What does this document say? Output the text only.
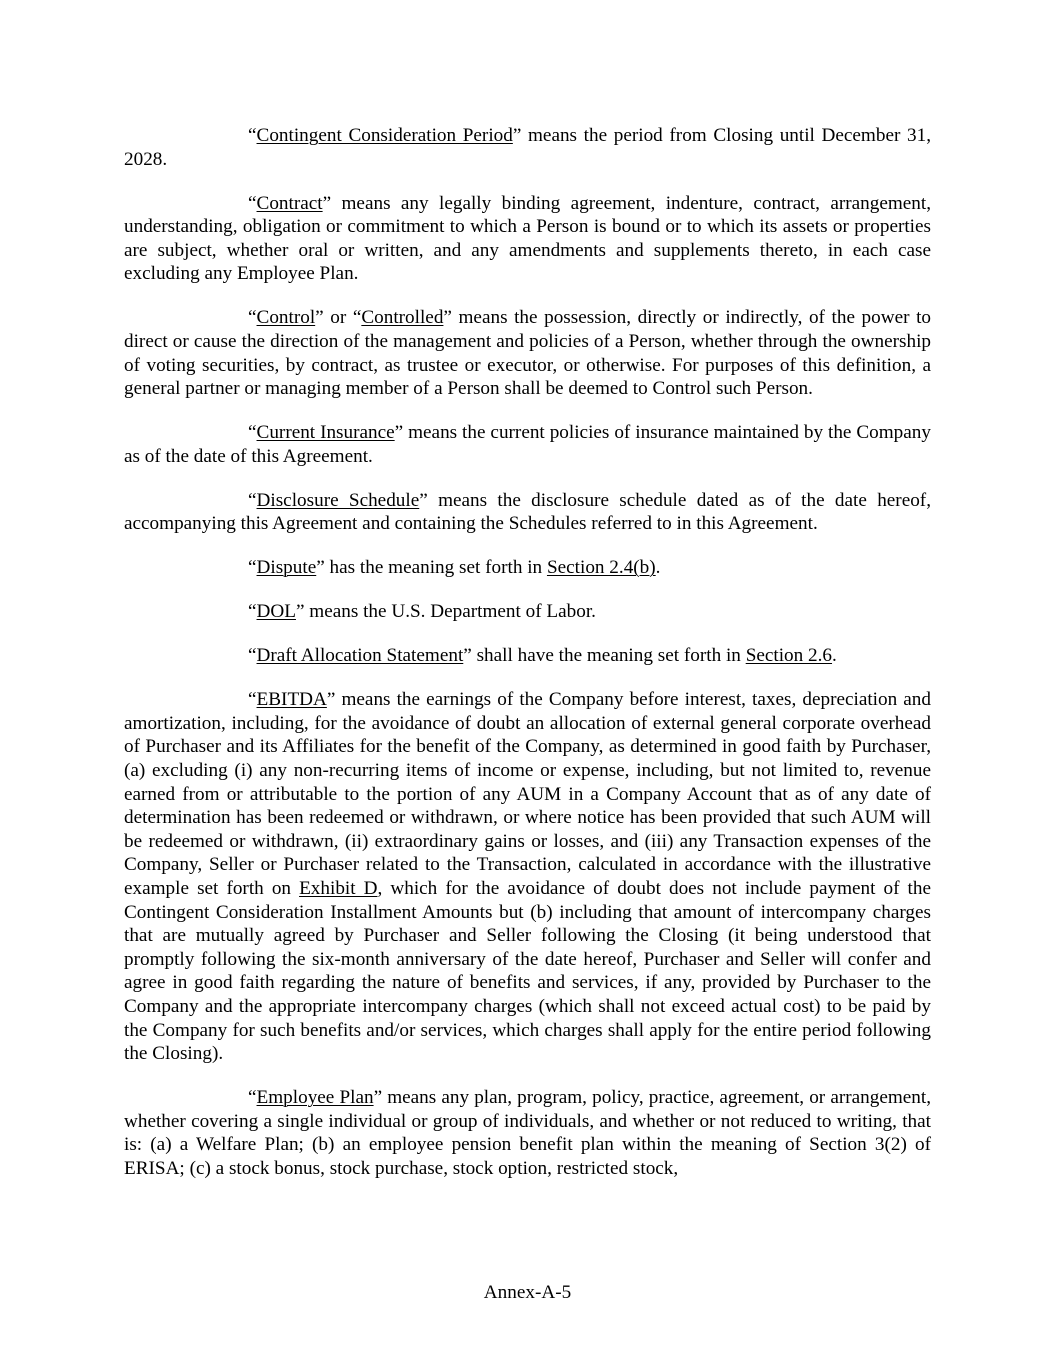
“Contingent Consideration Period” means the period from Closing until December 31, 2028.

“Contract” means any legally binding agreement, indenture, contract, arrangement, understanding, obligation or commitment to which a Person is bound or to which its assets or properties are subject, whether oral or written, and any amendments and supplements thereto, in each case excluding any Employee Plan.

“Control” or “Controlled” means the possession, directly or indirectly, of the power to direct or cause the direction of the management and policies of a Person, whether through the ownership of voting securities, by contract, as trustee or executor, or otherwise. For purposes of this definition, a general partner or managing member of a Person shall be deemed to Control such Person.

“Current Insurance” means the current policies of insurance maintained by the Company as of the date of this Agreement.

“Disclosure Schedule” means the disclosure schedule dated as of the date hereof, accompanying this Agreement and containing the Schedules referred to in this Agreement.

“Dispute” has the meaning set forth in Section 2.4(b).

“DOL” means the U.S. Department of Labor.

“Draft Allocation Statement” shall have the meaning set forth in Section 2.6.

“EBITDA” means the earnings of the Company before interest, taxes, depreciation and amortization, including, for the avoidance of doubt an allocation of external general corporate overhead of Purchaser and its Affiliates for the benefit of the Company, as determined in good faith by Purchaser, (a) excluding (i) any non-recurring items of income or expense, including, but not limited to, revenue earned from or attributable to the portion of any AUM in a Company Account that as of any date of determination has been redeemed or withdrawn, or where notice has been provided that such AUM will be redeemed or withdrawn, (ii) extraordinary gains or losses, and (iii) any Transaction expenses of the Company, Seller or Purchaser related to the Transaction, calculated in accordance with the illustrative example set forth on Exhibit D, which for the avoidance of doubt does not include payment of the Contingent Consideration Installment Amounts but (b) including that amount of intercompany charges that are mutually agreed by Purchaser and Seller following the Closing (it being understood that promptly following the six-month anniversary of the date hereof, Purchaser and Seller will confer and agree in good faith regarding the nature of benefits and services, if any, provided by Purchaser to the Company and the appropriate intercompany charges (which shall not exceed actual cost) to be paid by the Company for such benefits and/or services, which charges shall apply for the entire period following the Closing).

“Employee Plan” means any plan, program, policy, practice, agreement, or arrangement, whether covering a single individual or group of individuals, and whether or not reduced to writing, that is: (a) a Welfare Plan; (b) an employee pension benefit plan within the meaning of Section 3(2) of ERISA; (c) a stock bonus, stock purchase, stock option, restricted stock,

Annex-A-5
